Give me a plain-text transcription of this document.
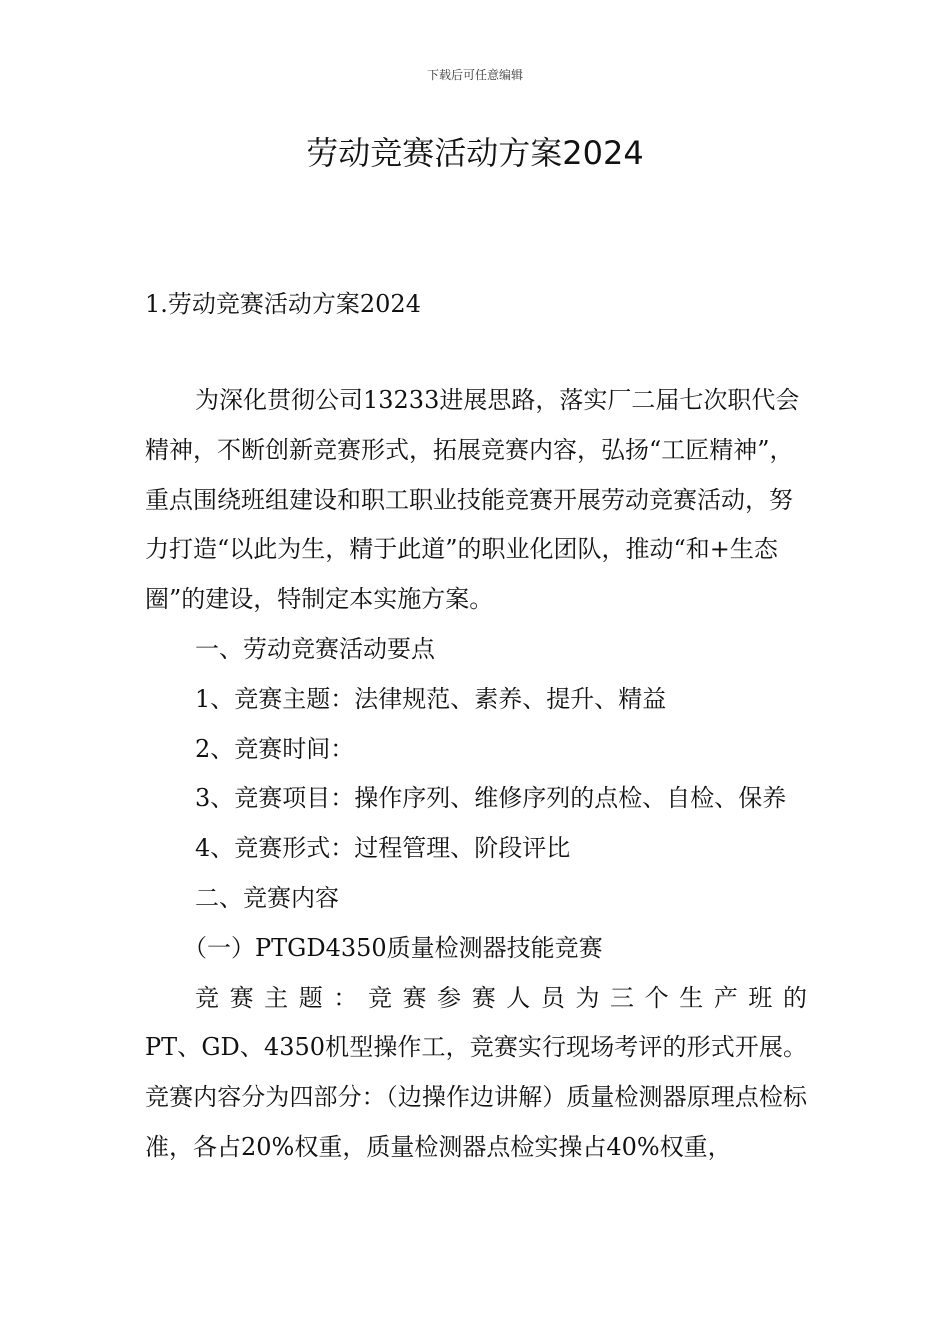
下载后可任意编辑
劳动竞赛活动方案2024
1.劳动竞赛活动方案2024

为深化贯彻公司13233进展思路，落实厂二届七次职代会精神，不断创新竞赛形式，拓展竞赛内容，弘扬“工匠精神”，重点围绕班组建设和职工职业技能竞赛开展劳动竞赛活动，努力打造“以此为生，精于此道”的职业化团队，推动“和+生态圈”的建设，特制定本实施方案。

一、劳动竞赛活动要点

1、竞赛主题：法律规范、素养、提升、精益

2、竞赛时间：

3、竞赛项目：操作序列、维修序列的点检、自检、保养

4、竞赛形式：过程管理、阶段评比

二、竞赛内容

（一）PTGD4350质量检测器技能竞赛

竞赛主题：竞赛参赛人员为三个生产班的

PT、GD、4350机型操作工，竞赛实行现场考评的形式开展。竞赛内容分为四部分：（边操作边讲解）质量检测器原理点检标准，各占20%权重，质量检测器点检实操占40%权重，
